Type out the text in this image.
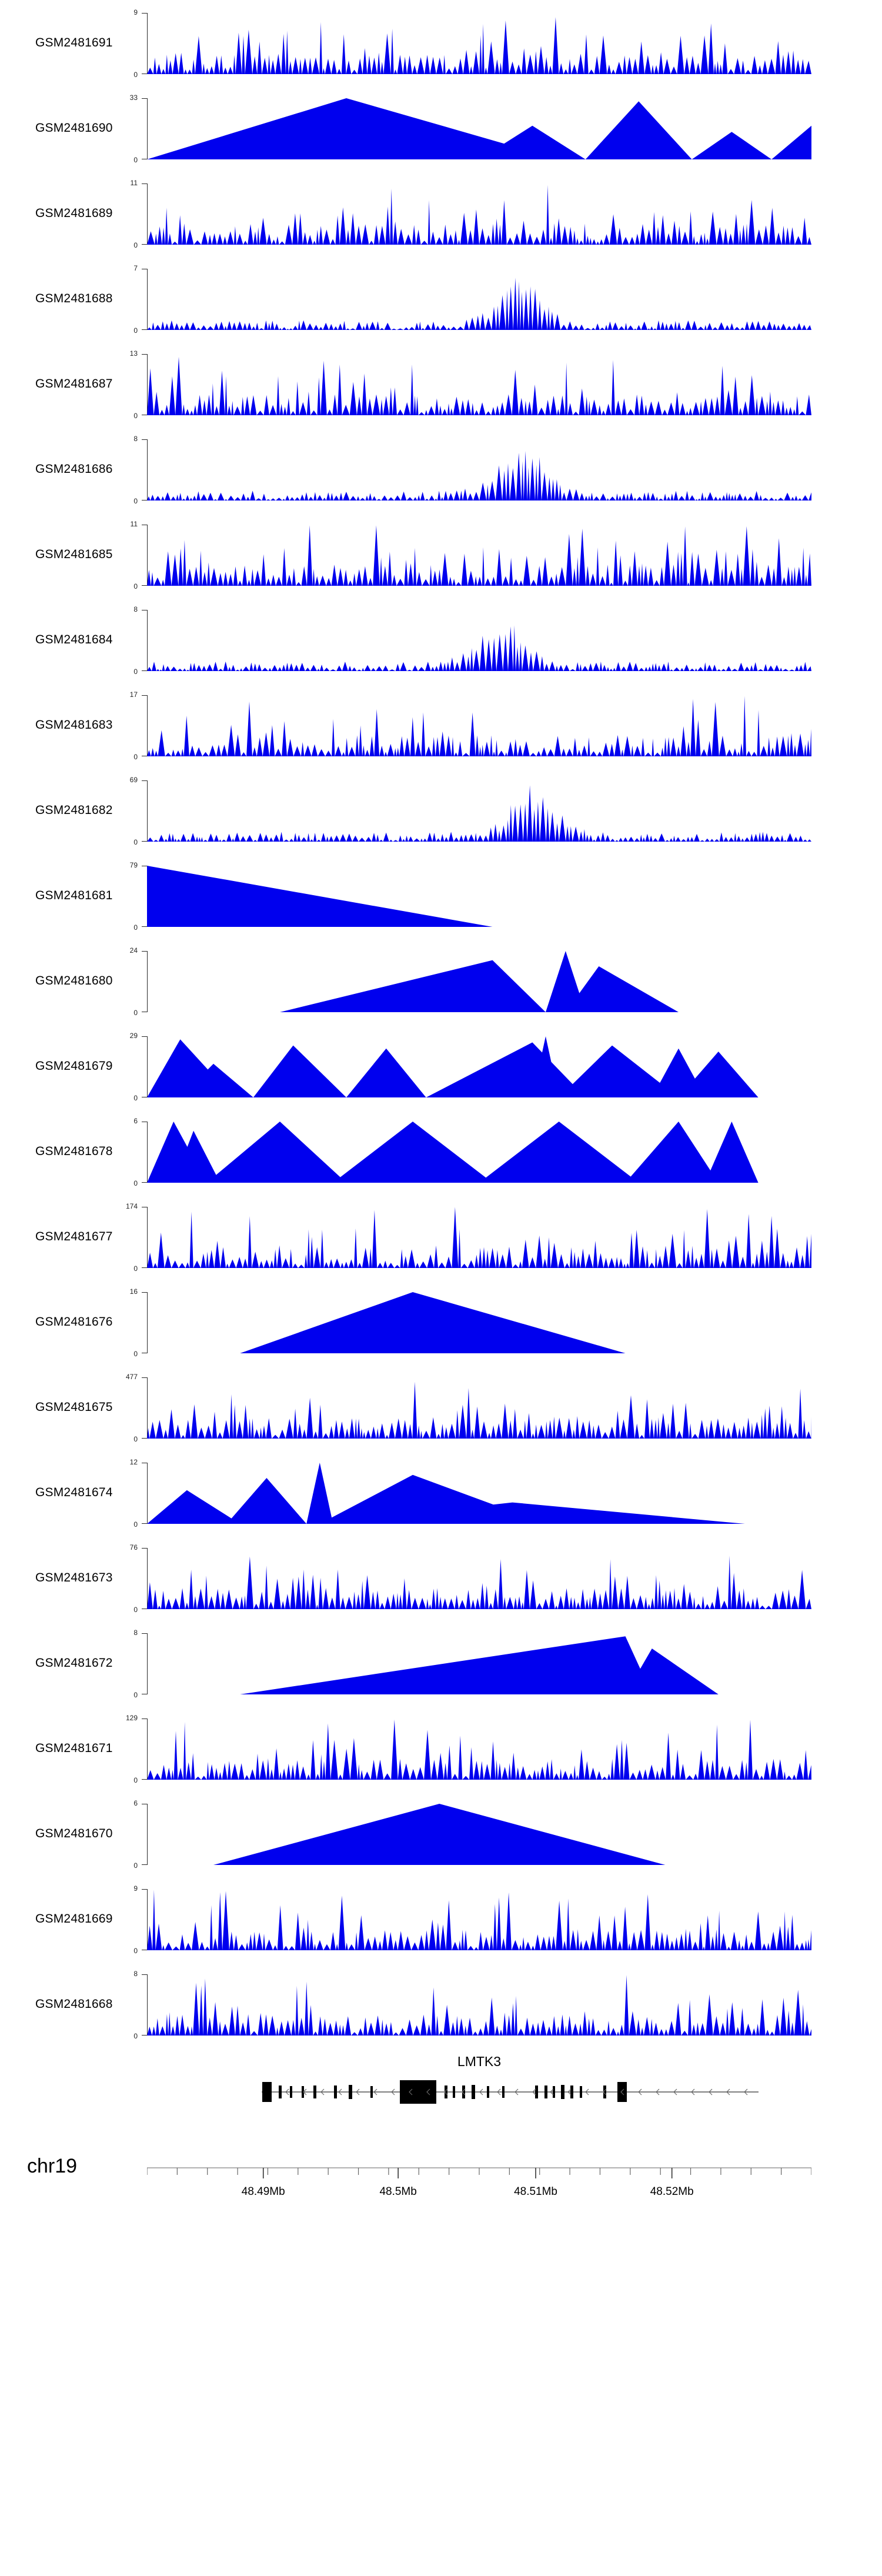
GSM2481691
9
0
GSM2481690
33
0
GSM2481689
11
0
GSM2481688
7
0
GSM2481687
13
0
GSM2481686
8
0
GSM2481685
11
0
GSM2481684
8
0
GSM2481683
17
0
GSM2481682
69
0
GSM2481681
79
0
GSM2481680
24
0
GSM2481679
29
0
GSM2481678
6
0
GSM2481677
174
0
GSM2481676
16
0
GSM2481675
477
0
GSM2481674
12
0
GSM2481673
76
0
GSM2481672
8
0
GSM2481671
129
0
GSM2481670
6
0
GSM2481669
9
0
GSM2481668
8
0
LMTK3
chr19
48.49Mb	48.5Mb	48.51Mb	48.52Mb
